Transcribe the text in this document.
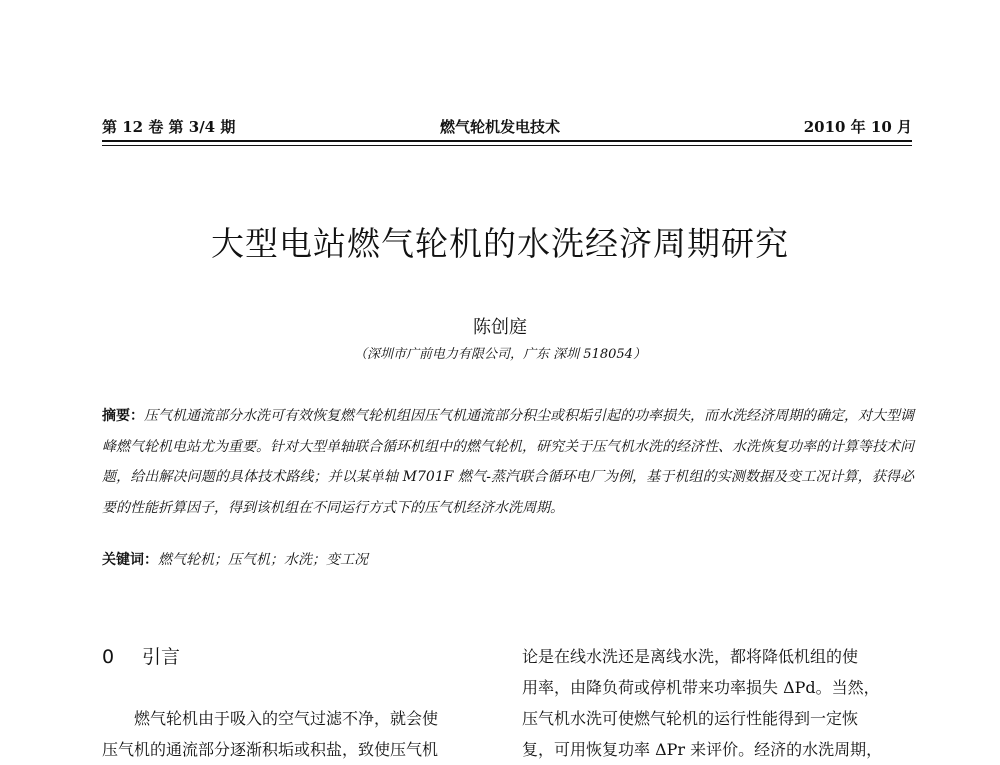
第 12 卷 第 3/4 期	燃气轮机发电技术	2010 年 10 月
大型电站燃气轮机的水洗经济周期研究
陈创庭
（深圳市广前电力有限公司，广东 深圳 518054）
摘要：压气机通流部分水洗可有效恢复燃气轮机组因压气机通流部分积尘或积垢引起的功率损失，而水洗经济周期的确定，对大型调峰燃气轮机电站尤为重要。针对大型单轴联合循环机组中的燃气轮机，研究关于压气机水洗的经济性、水洗恢复功率的计算等技术问题，给出解决问题的具体技术路线；并以某单轴 M701F 燃气-蒸汽联合循环电厂为例，基于机组的实测数据及变工况计算，获得必要的性能折算因子，得到该机组在不同运行方式下的压气机经济水洗周期。
关键词：燃气轮机；压气机；水洗；变工况
0 引言
燃气轮机由于吸入的空气过滤不净，就会使
压气机的通流部分逐渐积垢或积盐，致使压气机
论是在线水洗还是离线水洗，都将降低机组的使
用率，由降负荷或停机带来功率损失 ΔPd。当然，
压气机水洗可使燃气轮机的运行性能得到一定恢
复，可用恢复功率 ΔPr 来评价。经济的水洗周期，
